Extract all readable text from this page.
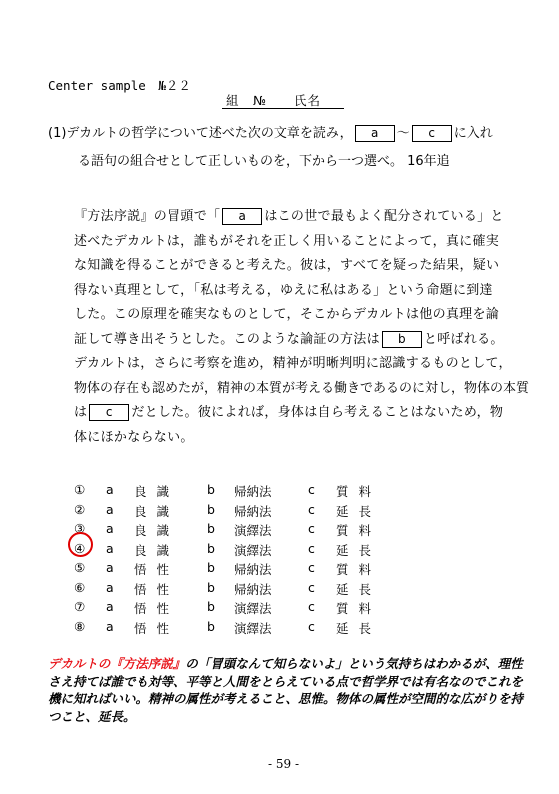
Center sample　№２２
組　№　　氏名
(1)デカルトの哲学について述べた次の文章を読み， a ～ c に入れ
る語句の組合せとして正しいものを，下から一つ選べ。 16年追

『方法序説』の冒頭で「 a はこの世で最もよく配分されている」と

述べたデカルトは，誰もがそれを正しく用いることによって，真に確実

な知識を得ることができると考えた。彼は，すべてを疑った結果，疑い

得ない真理として，「私は考える，ゆえに私はある」という命題に到達

した。この原理を確実なものとして，そこからデカルトは他の真理を論

証して導き出そうとした。このような論証の方法は b と呼ばれる。

デカルトは，さらに考察を進め，精神が明晰判明に認識するものとして，

物体の存在も認めたが，精神の本質が考える働きであるのに対し，物体の本質

は c だとした。彼によれば，身体は自ら考えることはないため，物

体にほかならない。

① a 良識 b 帰納法	c 質料
② a 良識 b 帰納法	c 延長
③ a 良識 b 演繹法	c 質料
④ a 良識 b 演繹法	c 延長
⑤ a 悟性 b 帰納法	c 質料
⑥ a 悟性 b 帰納法	c 延長
⑦ a 悟性 b 演繹法	c 質料
⑧ a 悟性 b 演繹法	c 延長
デカルトの『方法序説』の「冒頭なんて知らないよ」という気持ちはわかるが、理性さえ持てば誰でも対等、平等と人間をとらえている点で哲学界では有名なのでこれを機に知ればいい。精神の属性が考えること、思惟。物体の属性が空間的な広がりを持つこと、延長。
- 59 -
